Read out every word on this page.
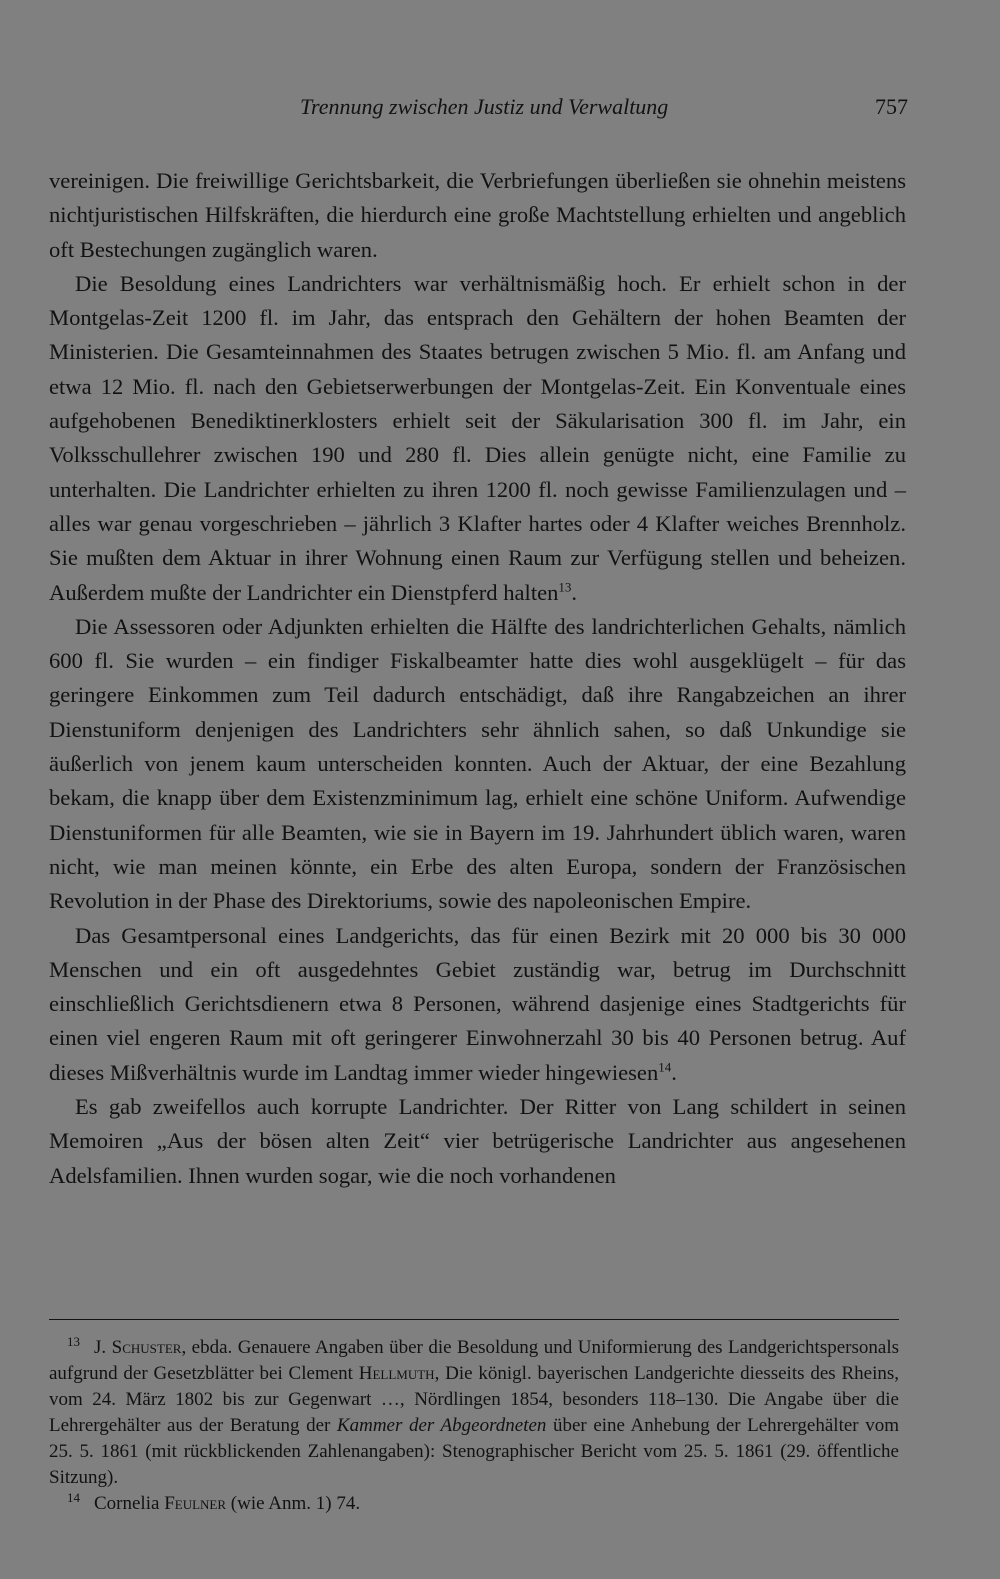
Trennung zwischen Justiz und Verwaltung	757

vereinigen. Die freiwillige Gerichtsbarkeit, die Verbriefungen überließen sie ohnehin meistens nichtjuristischen Hilfskräften, die hierdurch eine große Machtstellung erhielten und angeblich oft Bestechungen zugänglich waren.

Die Besoldung eines Landrichters war verhältnismäßig hoch. Er erhielt schon in der Montgelas-Zeit 1200 fl. im Jahr, das entsprach den Gehältern der hohen Beamten der Ministerien. Die Gesamteinnahmen des Staates betrugen zwischen 5 Mio. fl. am Anfang und etwa 12 Mio. fl. nach den Gebietserwerbungen der Montgelas-Zeit. Ein Konventuale eines aufgehobenen Benediktinerklosters erhielt seit der Säkularisation 300 fl. im Jahr, ein Volksschullehrer zwischen 190 und 280 fl. Dies allein genügte nicht, eine Familie zu unterhalten. Die Landrichter erhielten zu ihren 1200 fl. noch gewisse Familienzulagen und – alles war genau vorgeschrieben – jährlich 3 Klafter hartes oder 4 Klafter weiches Brennholz. Sie mußten dem Aktuar in ihrer Wohnung einen Raum zur Verfügung stellen und beheizen. Außerdem mußte der Landrichter ein Dienstpferd halten$^{13}$.

Die Assessoren oder Adjunkten erhielten die Hälfte des landrichterlichen Gehalts, nämlich 600 fl. Sie wurden – ein findiger Fiskalbeamter hatte dies wohl ausgeklügelt – für das geringere Einkommen zum Teil dadurch entschädigt, daß ihre Rangabzeichen an ihrer Dienstuniform denjenigen des Landrichters sehr ähnlich sahen, so daß Unkundige sie äußerlich von jenem kaum unterscheiden konnten. Auch der Aktuar, der eine Bezahlung bekam, die knapp über dem Existenzminimum lag, erhielt eine schöne Uniform. Aufwendige Dienstuniformen für alle Beamten, wie sie in Bayern im 19. Jahrhundert üblich waren, waren nicht, wie man meinen könnte, ein Erbe des alten Europa, sondern der Französischen Revolution in der Phase des Direktoriums, sowie des napoleonischen Empire.

Das Gesamtpersonal eines Landgerichts, das für einen Bezirk mit 20 000 bis 30 000 Menschen und ein oft ausgedehntes Gebiet zuständig war, betrug im Durchschnitt einschließlich Gerichtsdienern etwa 8 Personen, während dasjenige eines Stadtgerichts für einen viel engeren Raum mit oft geringerer Einwohnerzahl 30 bis 40 Personen betrug. Auf dieses Mißverhältnis wurde im Landtag immer wieder hingewiesen$^{14}$.

Es gab zweifellos auch korrupte Landrichter. Der Ritter von Lang schildert in seinen Memoiren „Aus der bösen alten Zeit“ vier betrügerische Landrichter aus angesehenen Adelsfamilien. Ihnen wurden sogar, wie die noch vorhandenen

$^{13}$ J. Schuster, ebda. Genauere Angaben über die Besoldung und Uniformierung des Landgerichtspersonals aufgrund der Gesetzblätter bei Clement Hellmuth, Die königl. bayerischen Landgerichte diesseits des Rheins, vom 24. März 1802 bis zur Gegenwart …, Nördlingen 1854, besonders 118–130. Die Angabe über die Lehrergehälter aus der Beratung der Kammer der Abgeordneten über eine Anhebung der Lehrergehälter vom 25. 5. 1861 (mit rückblickenden Zahlenangaben): Stenographischer Bericht vom 25. 5. 1861 (29. öffentliche Sitzung).

$^{14}$ Cornelia Feulner (wie Anm. 1) 74.
